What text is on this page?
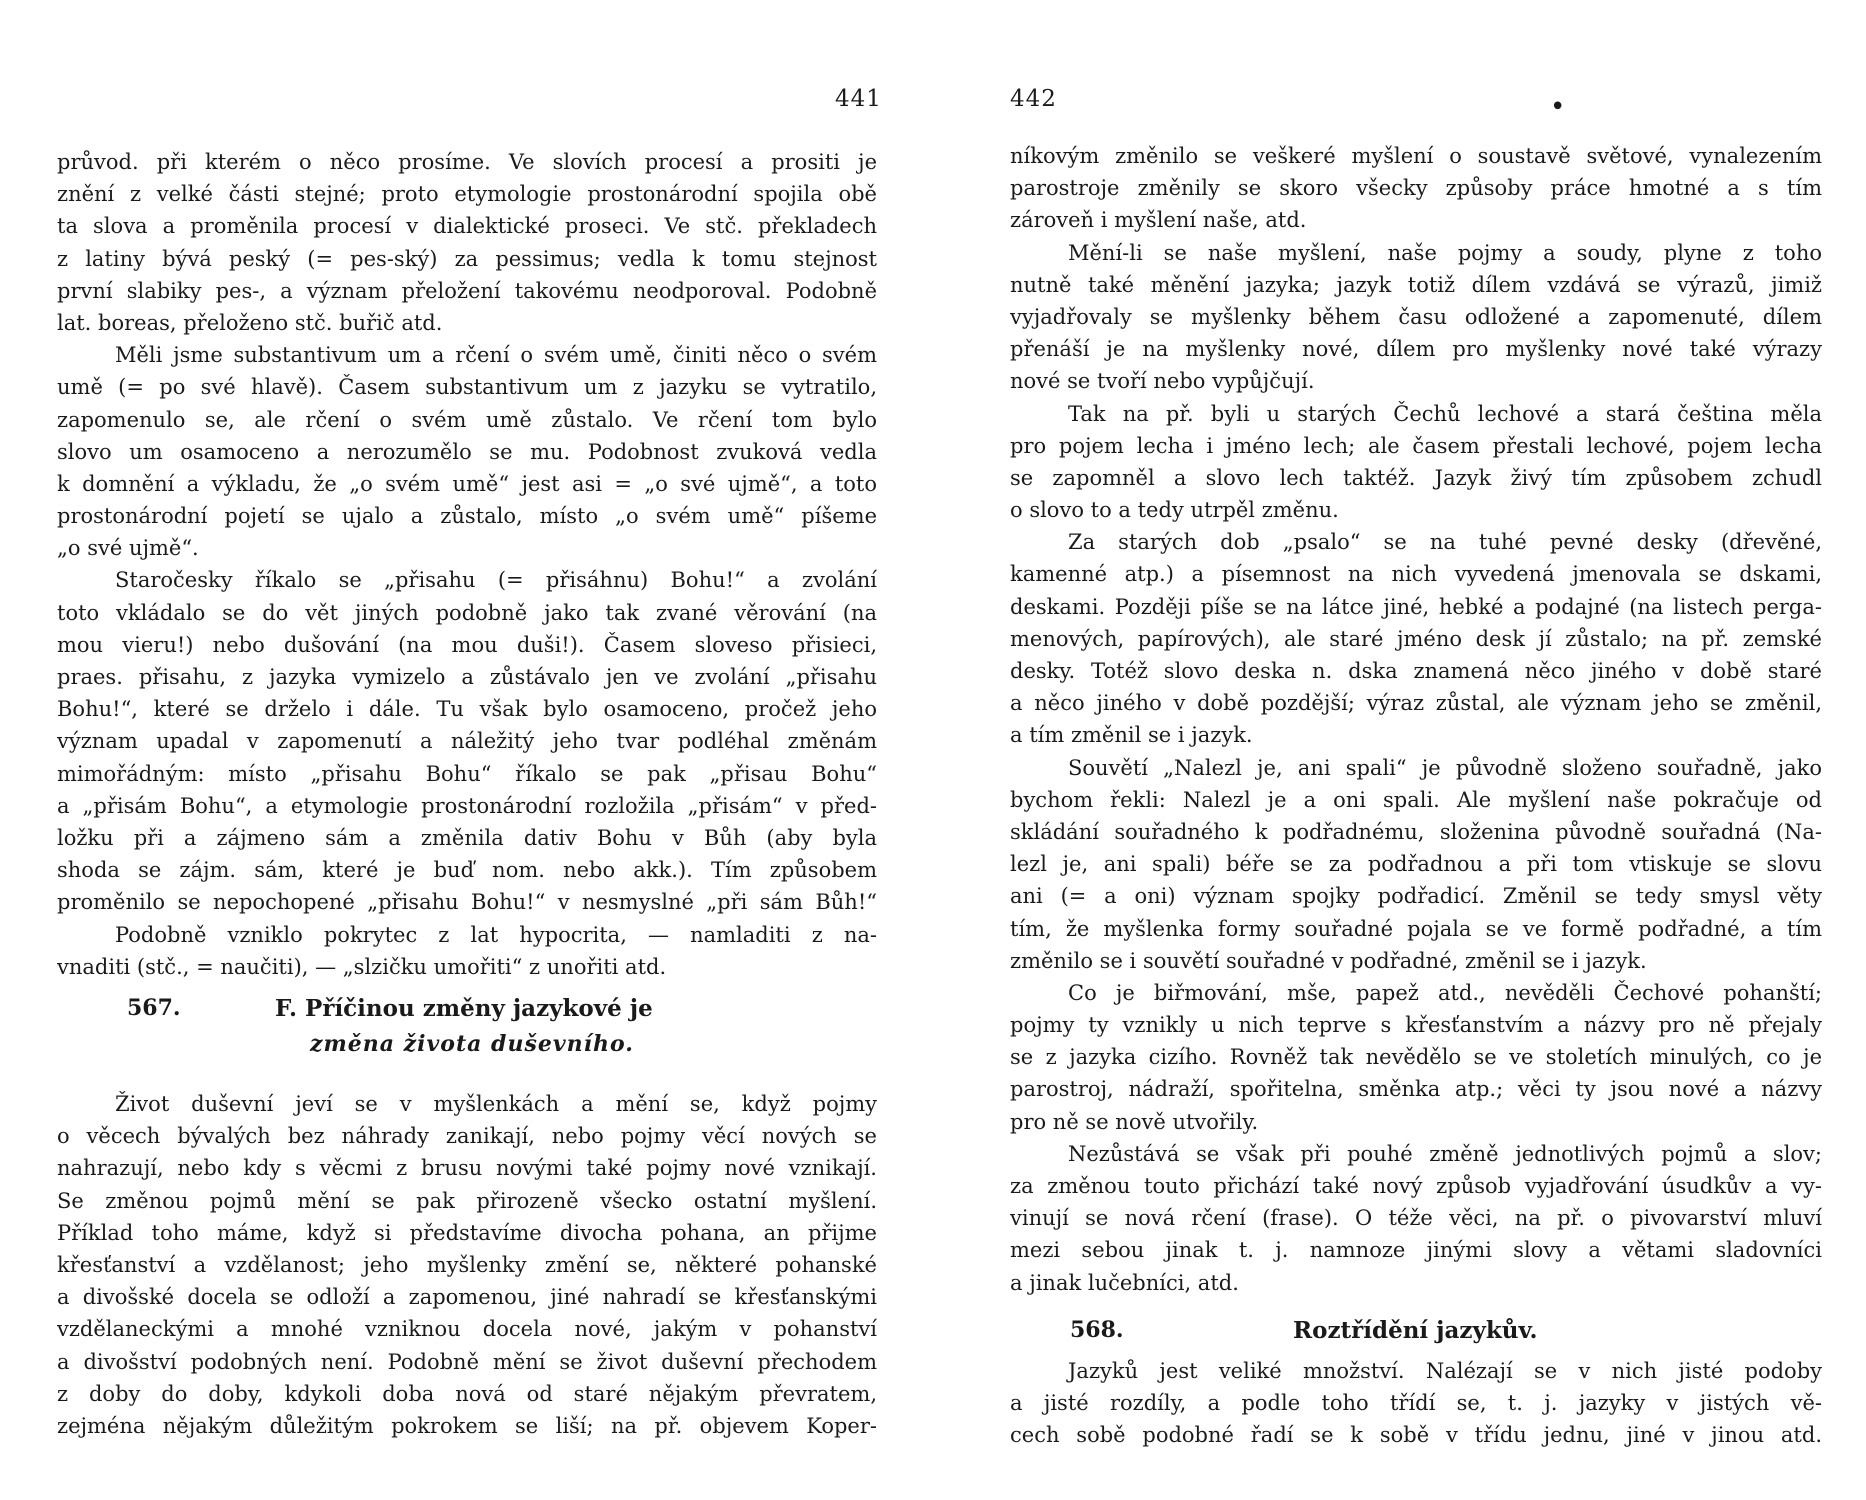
441
průvod. při kterém o něco prosíme. Ve slovích procesí a prositi je
znění z velké části stejné; proto etymologie prostonárodní spojila obě
ta slova a proměnila procesí v dialektické proseci. Ve stč. překladech
z latiny bývá peský (= pes-ský) za pessimus; vedla k tomu stejnost
první slabiky pes-, a význam přeložení takovému neodporoval. Podobně
lat. boreas, přeloženo stč. buřič atd.
Měli jsme substantivum um a rčení o svém umě, činiti něco o svém
umě (= po své hlavě). Časem substantivum um z jazyku se vytratilo,
zapomenulo se, ale rčení o svém umě zůstalo. Ve rčení tom bylo
slovo um osamoceno a nerozumělo se mu. Podobnost zvuková vedla
k domnění a výkladu, že „o svém umě“ jest asi = „o své ujmě“, a toto
prostonárodní pojetí se ujalo a zůstalo, místo „o svém umě“ píšeme
„o své ujmě“.
Staročesky říkalo se „přisahu (= přisáhnu) Bohu!“ a zvolání
toto vkládalo se do vět jiných podobně jako tak zvané věrování (na
mou vieru!) nebo dušování (na mou duši!). Časem sloveso přisieci,
praes. přisahu, z jazyka vymizelo a zůstávalo jen ve zvolání „přisahu
Bohu!“, které se drželo i dále. Tu však bylo osamoceno, pročež jeho
význam upadal v zapomenutí a náležitý jeho tvar podléhal změnám
mimořádným: místo „přisahu Bohu“ říkalo se pak „přisau Bohu“
a „přisám Bohu“, a etymologie prostonárodní rozložila „přisám“ v před-
ložku při a zájmeno sám a změnila dativ Bohu v Bůh (aby byla
shoda se zájm. sám, které je buď nom. nebo akk.). Tím způsobem
proměnilo se nepochopené „přisahu Bohu!“ v nesmyslné „při sám Bůh!“
Podobně vzniklo pokrytec z lat hypocrita, — namladiti z na-
vnaditi (stč., = naučiti), — „slzičku umořiti“ z unořiti atd.
567.	F. Příčinou změny jazykové je
změna života duševního.
Život duševní jeví se v myšlenkách a mění se, když pojmy
o věcech bývalých bez náhrady zanikají, nebo pojmy věcí nových se
nahrazují, nebo kdy s věcmi z brusu novými také pojmy nové vznikají.
Se změnou pojmů mění se pak přirozeně všecko ostatní myšlení.
Příklad toho máme, když si představíme divocha pohana, an přijme
křesťanství a vzdělanost; jeho myšlenky změní se, některé pohanské
a divošské docela se odloží a zapomenou, jiné nahradí se křesťanskými
vzdělaneckými a mnohé vzniknou docela nové, jakým v pohanství
a divošství podobných není. Podobně mění se život duševní přechodem
z doby do doby, kdykoli doba nová od staré nějakým převratem,
zejména nějakým důležitým pokrokem se liší; na př. objevem Koper-
442	•
níkovým změnilo se veškeré myšlení o soustavě světové, vynalezením
parostroje změnily se skoro všecky způsoby práce hmotné a s tím
zároveň i myšlení naše, atd.
Mění-li se naše myšlení, naše pojmy a soudy, plyne z toho
nutně také měnění jazyka; jazyk totiž dílem vzdává se výrazů, jimiž
vyjadřovaly se myšlenky během času odložené a zapomenuté, dílem
přenáší je na myšlenky nové, dílem pro myšlenky nové také výrazy
nové se tvoří nebo vypůjčují.
Tak na př. byli u starých Čechů lechové a stará čeština měla
pro pojem lecha i jméno lech; ale časem přestali lechové, pojem lecha
se zapomněl a slovo lech taktéž. Jazyk živý tím způsobem zchudl
o slovo to a tedy utrpěl změnu.
Za starých dob „psalo“ se na tuhé pevné desky (dřevěné,
kamenné atp.) a písemnost na nich vyvedená jmenovala se dskami,
deskami. Později píše se na látce jiné, hebké a podajné (na listech perga-
menových, papírových), ale staré jméno desk jí zůstalo; na př. zemské
desky. Totéž slovo deska n. dska znamená něco jiného v době staré
a něco jiného v době pozdější; výraz zůstal, ale význam jeho se změnil,
a tím změnil se i jazyk.
Souvětí „Nalezl je, ani spali“ je původně složeno souřadně, jako
bychom řekli: Nalezl je a oni spali. Ale myšlení naše pokračuje od
skládání souřadného k podřadnému, složenina původně souřadná (Na-
lezl je, ani spali) béře se za podřadnou a při tom vtiskuje se slovu
ani (= a oni) význam spojky podřadicí. Změnil se tedy smysl věty
tím, že myšlenka formy souřadné pojala se ve formě podřadné, a tím
změnilo se i souvětí souřadné v podřadné, změnil se i jazyk.
Co je biřmování, mše, papež atd., nevěděli Čechové pohanští;
pojmy ty vznikly u nich teprve s křesťanstvím a názvy pro ně přejaly
se z jazyka cizího. Rovněž tak nevědělo se ve stoletích minulých, co je
parostroj, nádraží, spořitelna, směnka atp.; věci ty jsou nové a názvy
pro ně se nově utvořily.
Nezůstává se však při pouhé změně jednotlivých pojmů a slov;
za změnou touto přichází také nový způsob vyjadřování úsudkův a vy-
vinují se nová rčení (frase). O téže věci, na př. o pivovarství mluví
mezi sebou jinak t. j. namnoze jinými slovy a větami sladovníci
a jinak lučebníci, atd.
568.	Roztřídění jazykův.
Jazyků jest veliké množství. Nalézají se v nich jisté podoby
a jisté rozdíly, a podle toho třídí se, t. j. jazyky v jistých vě-
cech sobě podobné řadí se k sobě v třídu jednu, jiné v jinou atd.
